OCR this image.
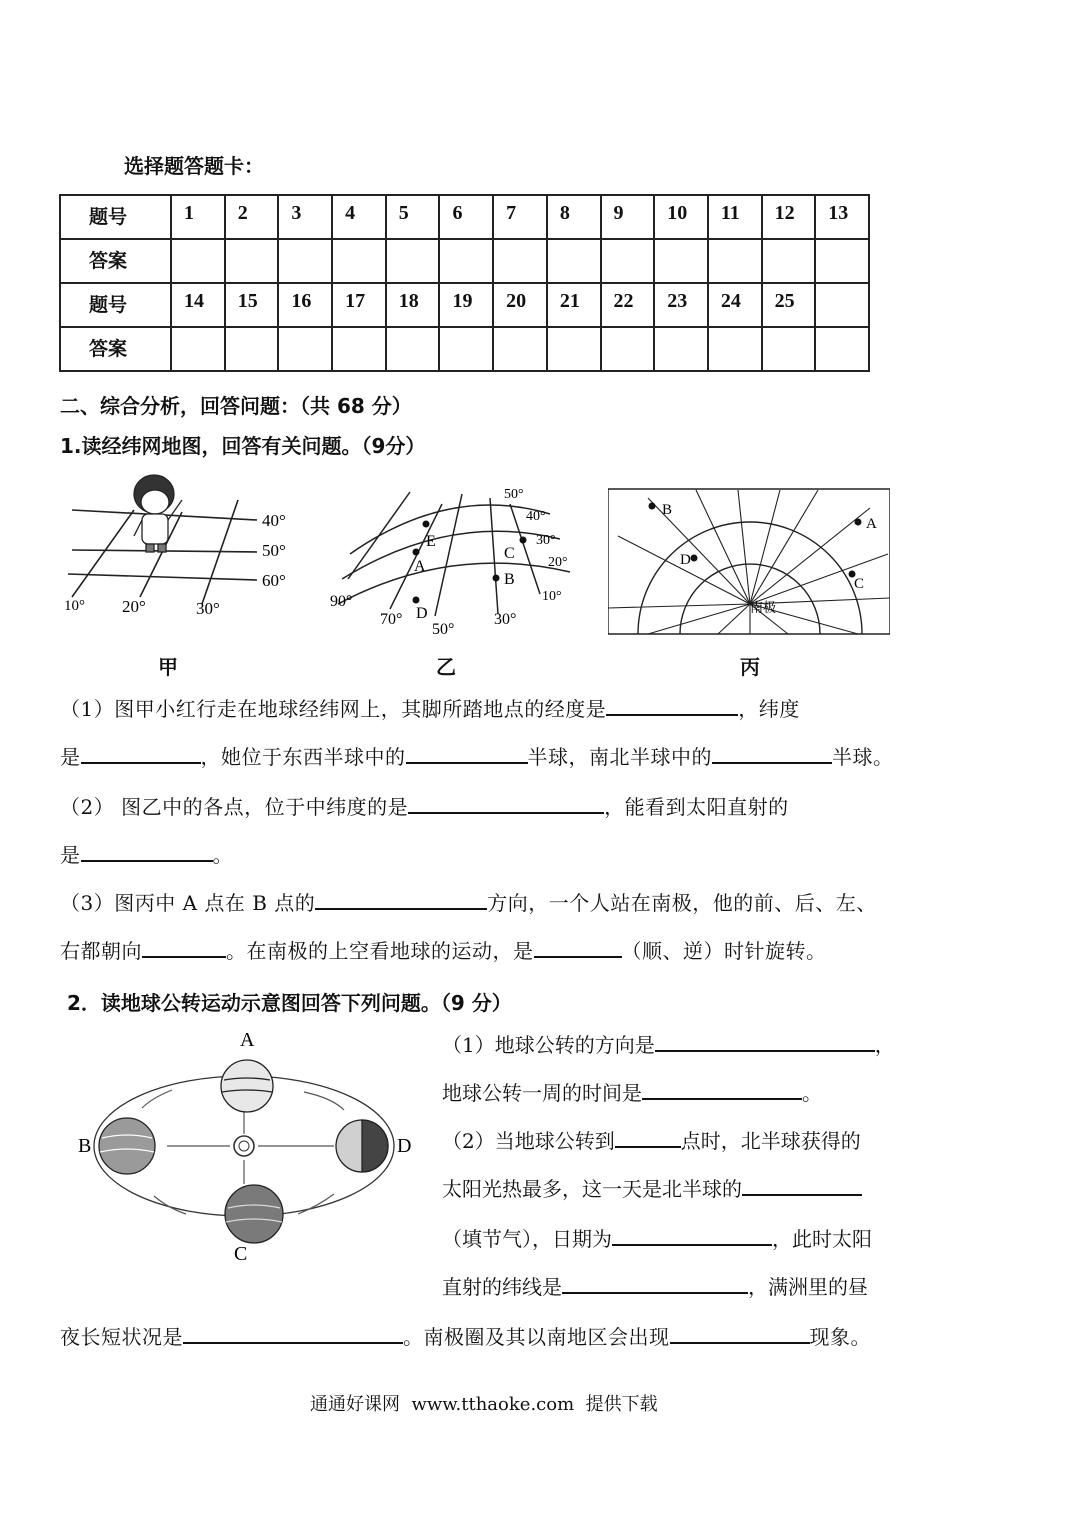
选择题答题卡：
题号	1	2	3	4	5	6	7	8	9	10	11	12	13
答案													
题号	14	15	16	17	18	19	20	21	22	23	24	25	
答案													
二、综合分析，回答问题：（共 68 分）
1.读经纬网地图，回答有关问题。（9分）
40°
50°
60°
10° 20°	30°
E
A
C
B
D
50°
40°
30°
20°
10°
90°
70°
50°
30°
B
A
D
C
南极
甲	乙	丙
（1）图甲小红行走在地球经纬网上，其脚所踏地点的经度是	，纬度
是	，她位于东西半球中的	半球，南北半球中的	半球。
（2） 图乙中的各点，位于中纬度的是	，能看到太阳直射的
是	。
（3）图丙中 A 点在 B 点的	方向，一个人站在南极，他的前、后、左、
右都朝向	。在南极的上空看地球的运动，是	（顺、逆）时针旋转。
2．读地球公转运动示意图回答下列问题。（9 分）
A
B
C
D
（1）地球公转的方向是	，
地球公转一周的时间是	。
（2）当地球公转到	点时，北半球获得的
太阳光热最多，这一天是北半球的
（填节气），日期为	，此时太阳
直射的纬线是	，满洲里的昼
夜长短状况是	。南极圈及其以南地区会出现	现象。
通通好课网  www.tthaoke.com  提供下载
